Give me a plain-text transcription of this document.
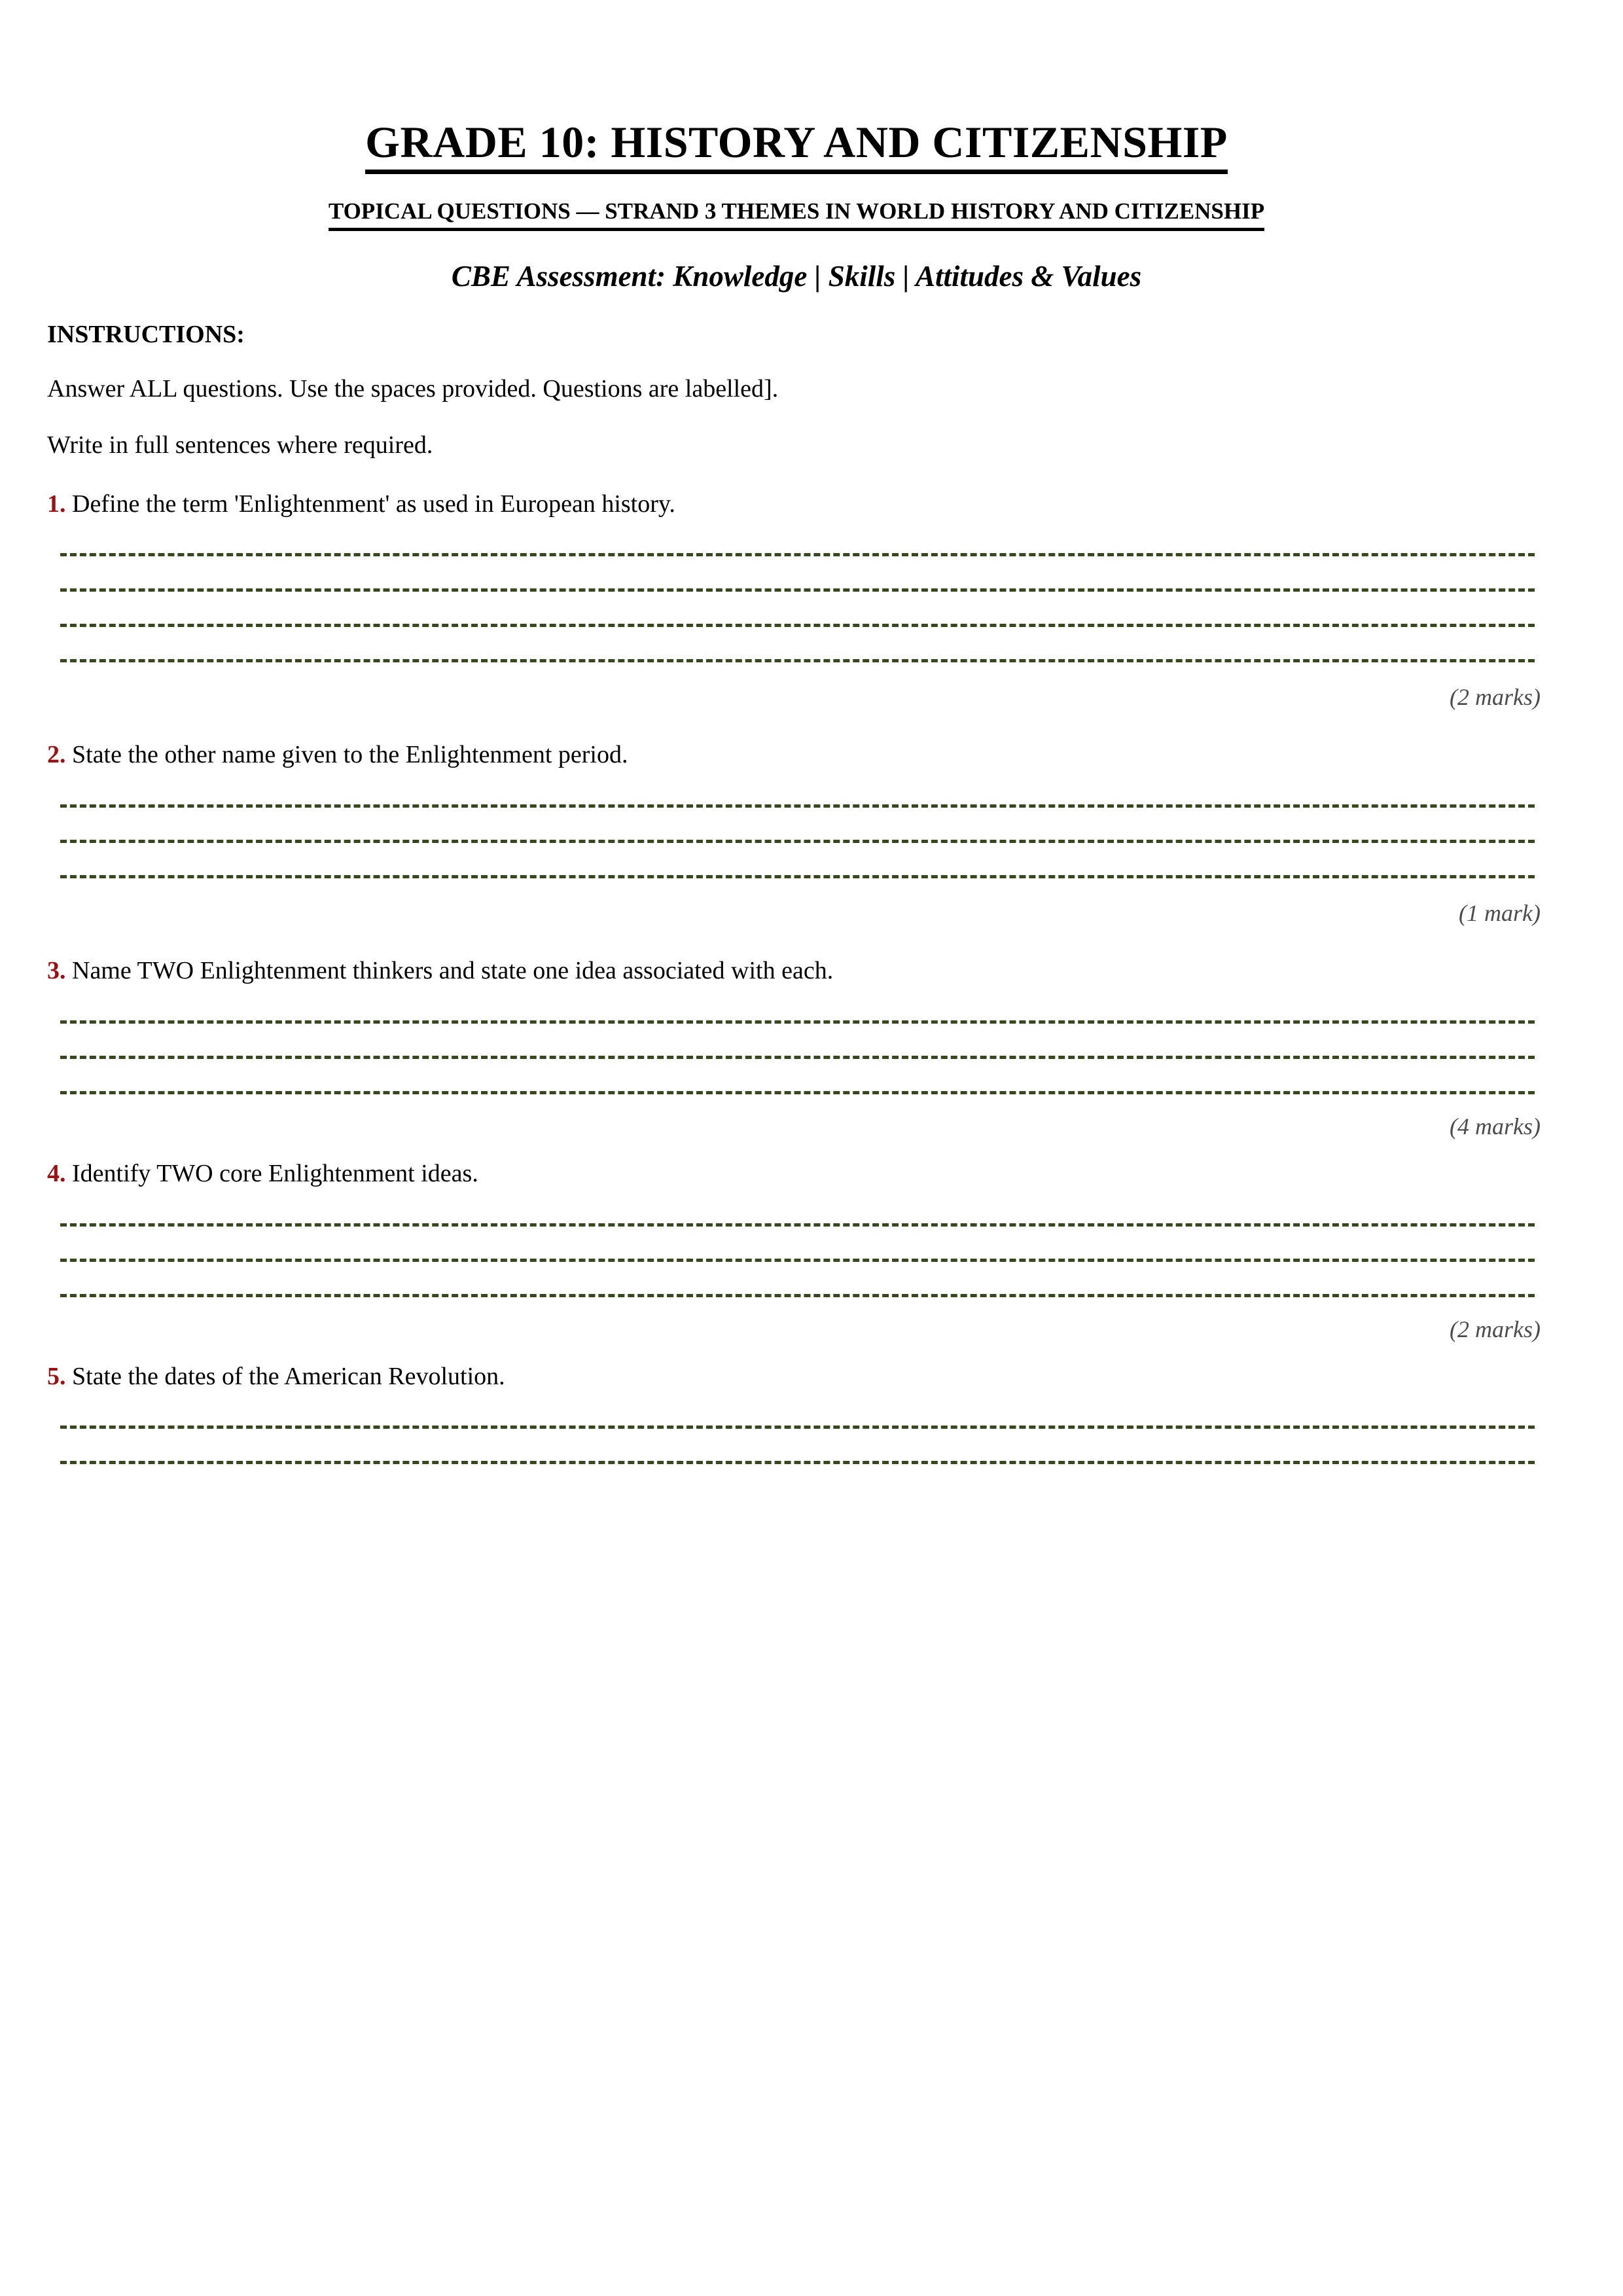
GRADE 10: HISTORY AND CITIZENSHIP
TOPICAL QUESTIONS — STRAND 3 THEMES IN WORLD HISTORY AND CITIZENSHIP
CBE Assessment: Knowledge | Skills | Attitudes & Values
INSTRUCTIONS:
Answer ALL questions. Use the spaces provided. Questions are labelled].
Write in full sentences where required.
1. Define the term 'Enlightenment' as used in European history.
(2 marks)
2. State the other name given to the Enlightenment period.
(1 mark)
3. Name TWO Enlightenment thinkers and state one idea associated with each.
(4 marks)
4. Identify TWO core Enlightenment ideas.
(2 marks)
5. State the dates of the American Revolution.
